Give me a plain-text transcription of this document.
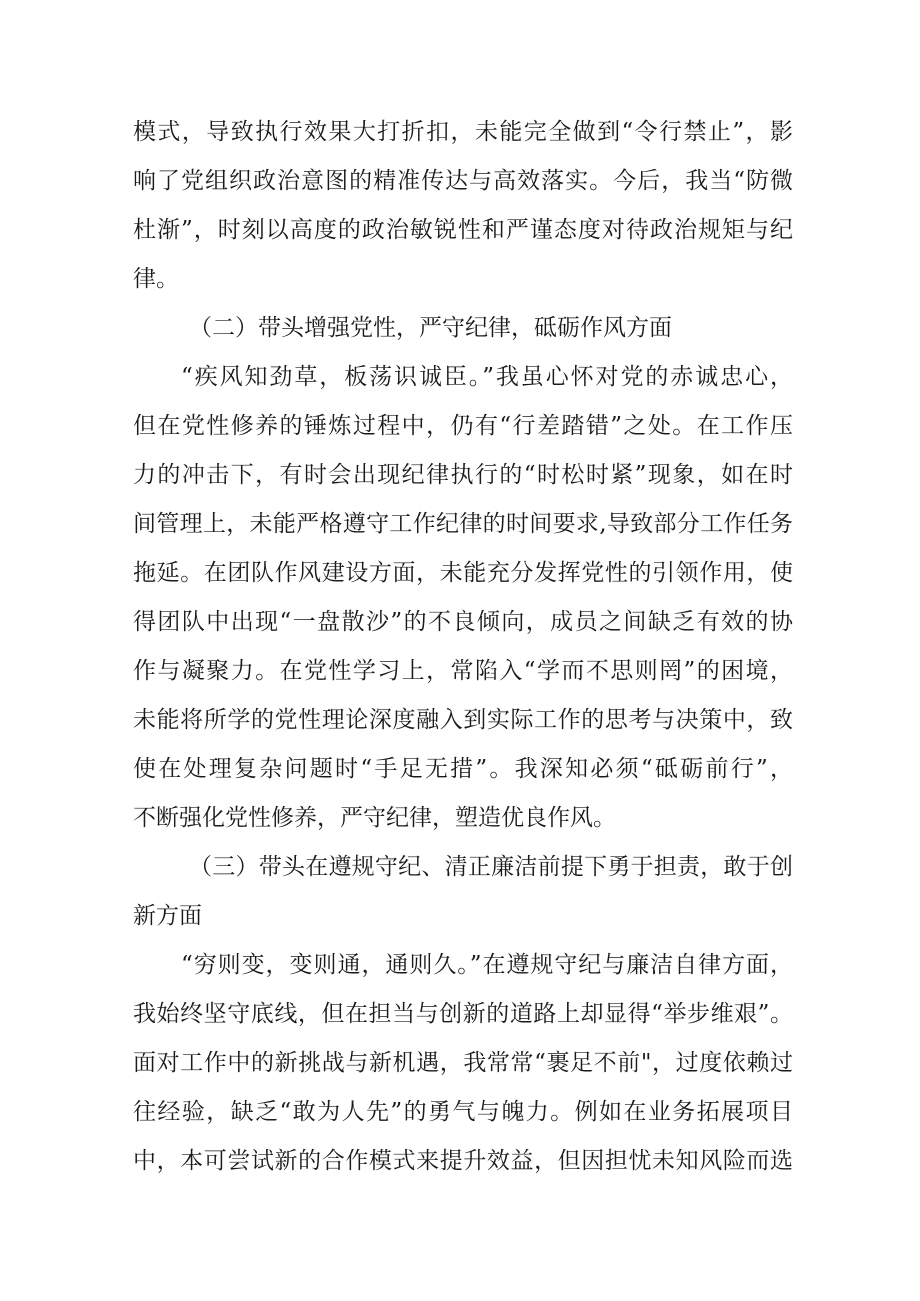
模式，导致执行效果大打折扣，未能完全做到“令行禁止”，影
响了党组织政治意图的精准传达与高效落实。今后，我当“防微
杜渐”，时刻以高度的政治敏锐性和严谨态度对待政治规矩与纪
律。
（二）带头增强党性，严守纪律，砥砺作风方面
“疾风知劲草，板荡识诚臣。”我虽心怀对党的赤诚忠心，
但在党性修养的锤炼过程中，仍有“行差踏错”之处。在工作压
力的冲击下，有时会出现纪律执行的“时松时紧”现象，如在时
间管理上，未能严格遵守工作纪律的时间要求,导致部分工作任务
拖延。在团队作风建设方面，未能充分发挥党性的引领作用，使
得团队中出现“一盘散沙”的不良倾向，成员之间缺乏有效的协
作与凝聚力。在党性学习上，常陷入“学而不思则罔”的困境，
未能将所学的党性理论深度融入到实际工作的思考与决策中，致
使在处理复杂问题时“手足无措”。我深知必须“砥砺前行”，
不断强化党性修养，严守纪律，塑造优良作风。
（三）带头在遵规守纪、清正廉洁前提下勇于担责，敢于创
新方面
“穷则变，变则通，通则久。”在遵规守纪与廉洁自律方面，
我始终坚守底线，但在担当与创新的道路上却显得“举步维艰”。
面对工作中的新挑战与新机遇，我常常“裹足不前"，过度依赖过
往经验，缺乏“敢为人先”的勇气与魄力。例如在业务拓展项目
中，本可尝试新的合作模式来提升效益，但因担忧未知风险而选
